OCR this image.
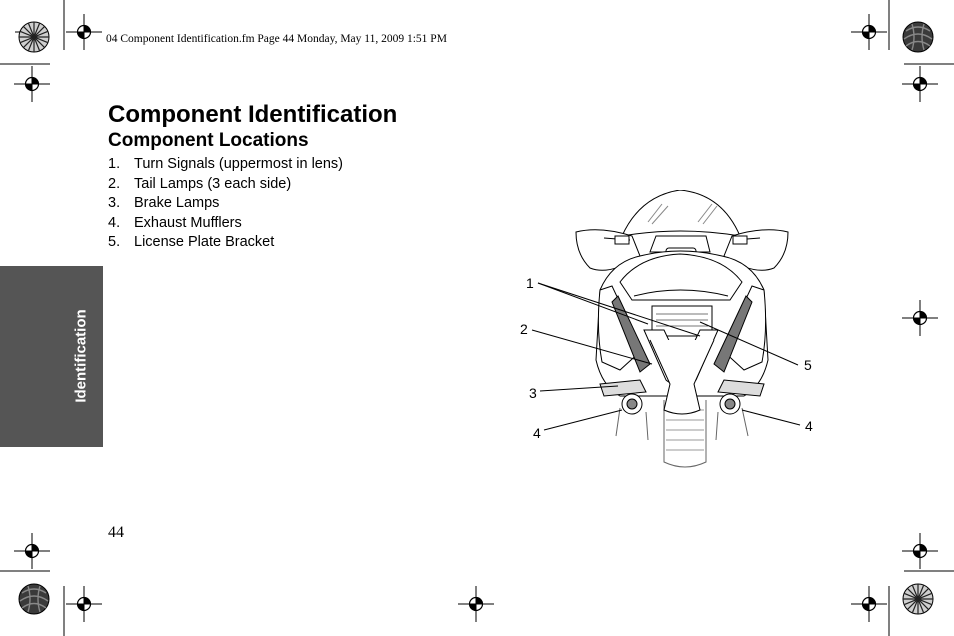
04 Component Identification.fm Page 44 Monday, May 11, 2009 1:51 PM
Identification
Component Identification
Component Locations
1. Turn Signals (uppermost in lens)
2. Tail Lamps (3 each side)
3. Brake Lamps
4. Exhaust Mufflers
5. License Plate Bracket
1
2
3
4
5
4
44
